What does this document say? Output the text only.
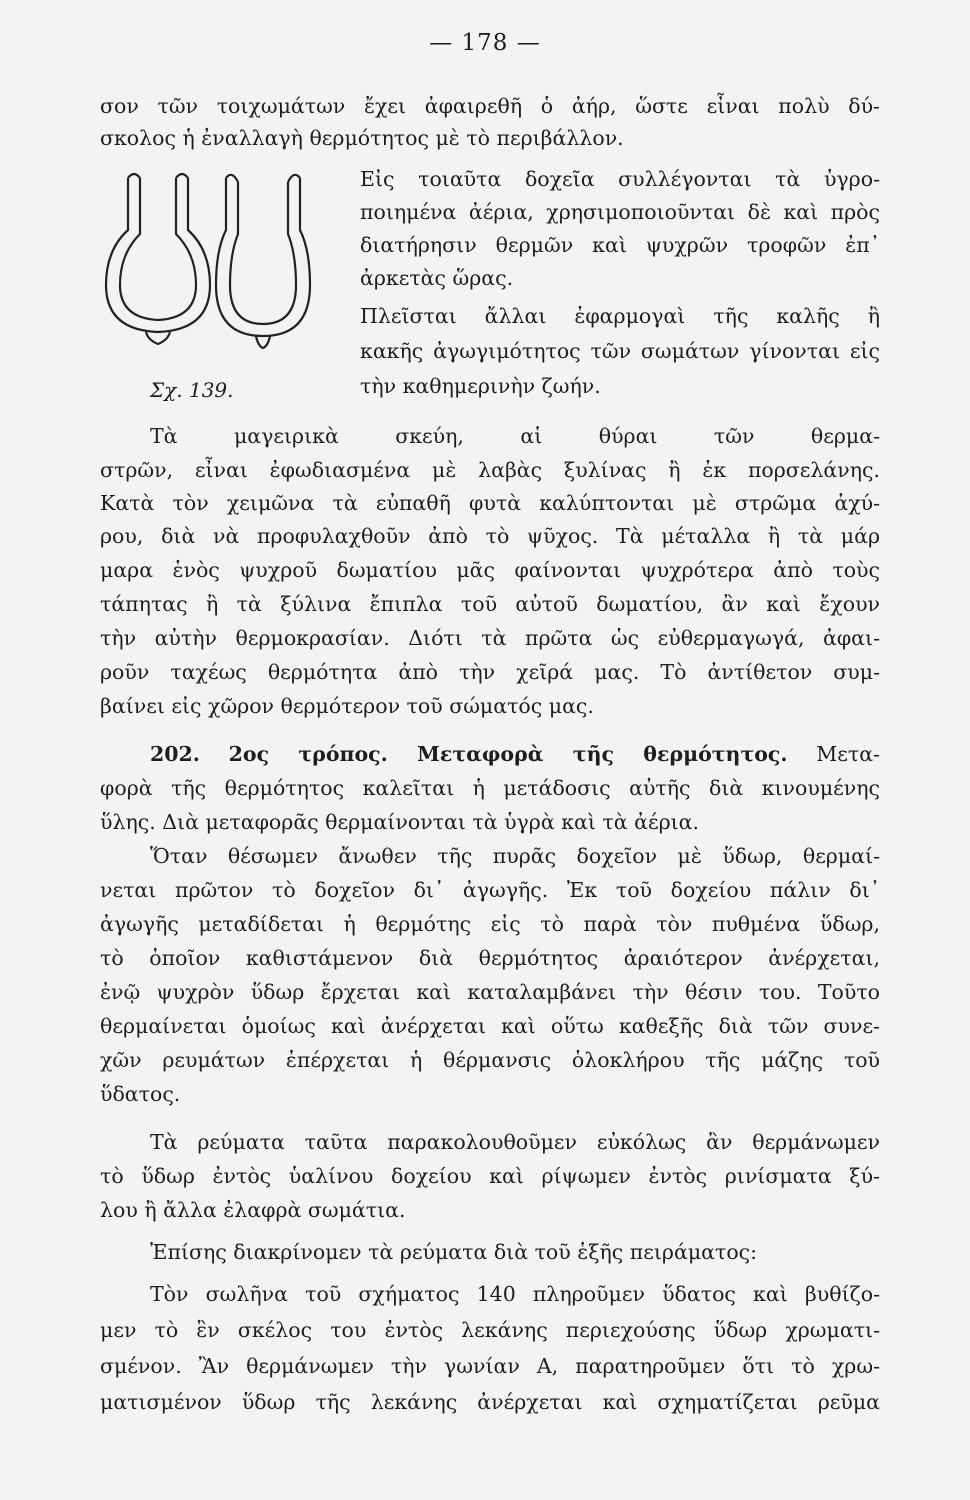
— 178 —
Σχ. 139.
σον τῶν τοιχωμάτων ἔχει ἀφαιρεθῆ ὁ ἀήρ, ὥστε εἶναι πολὺ δύ-
σκολος ἡ ἐναλλαγὴ θερμότητος μὲ τὸ περιβάλλον.
Εἰς τοιαῦτα δοχεῖα συλλέγονται τὰ ὑγρο-
ποιημένα ἀέρια, χρησιμοποιοῦνται δὲ καὶ πρὸς
διατήρησιν θερμῶν καὶ ψυχρῶν τροφῶν ἐπ᾽
ἀρκετὰς ὥρας.
Πλεῖσται ἄλλαι ἐφαρμογαὶ τῆς καλῆς ἢ
κακῆς ἀγωγιμότητος τῶν σωμάτων γίνονται εἰς
τὴν καθημερινὴν ζωήν.
Τὰ μαγειρικὰ σκεύη, αἱ θύραι τῶν θερμα-
στρῶν, εἶναι ἐφωδιασμένα μὲ λαβὰς ξυλίνας ἢ ἐκ πορσελάνης.
Κατὰ τὸν χειμῶνα τὰ εὐπαθῆ φυτὰ καλύπτονται μὲ στρῶμα ἀχύ-
ρου, διὰ νὰ προφυλαχθοῦν ἀπὸ τὸ ψῦχος. Τὰ μέταλλα ἢ τὰ μάρ
μαρα ἑνὸς ψυχροῦ δωματίου μᾶς φαίνονται ψυχρότερα ἀπὸ τοὺς
τάπητας ἢ τὰ ξύλινα ἔπιπλα τοῦ αὐτοῦ δωματίου, ἂν καὶ ἔχουν
τὴν αὐτὴν θερμοκρασίαν. Διότι τὰ πρῶτα ὡς εὐθερμαγωγά, ἀφαι-
ροῦν ταχέως θερμότητα ἀπὸ τὴν χεῖρά μας. Τὸ ἀντίθετον συμ-
βαίνει εἰς χῶρον θερμότερον τοῦ σώματός μας.
202. 2ος τρόπος. Μεταφορὰ τῆς θερμότητος. Μετα-
φορὰ τῆς θερμότητος καλεῖται ἡ μετάδοσις αὐτῆς διὰ κινουμένης
ὕλης. Διὰ μεταφορᾶς θερμαίνονται τὰ ὑγρὰ καὶ τὰ ἀέρια.
Ὅταν θέσωμεν ἄνωθεν τῆς πυρᾶς δοχεῖον μὲ ὕδωρ, θερμαί-
νεται πρῶτον τὸ δοχεῖον δι᾽ ἀγωγῆς. Ἐκ τοῦ δοχείου πάλιν δι᾽
ἀγωγῆς μεταδίδεται ἡ θερμότης εἰς τὸ παρὰ τὸν πυθμένα ὕδωρ,
τὸ ὁποῖον καθιστάμενον διὰ θερμότητος ἀραιότερον ἀνέρχεται,
ἐνῷ ψυχρὸν ὕδωρ ἔρχεται καὶ καταλαμβάνει τὴν θέσιν του. Τοῦτο
θερμαίνεται ὁμοίως καὶ ἀνέρχεται καὶ οὕτω καθεξῆς διὰ τῶν συνε-
χῶν ρευμάτων ἐπέρχεται ἡ θέρμανσις ὁλοκλήρου τῆς μάζης τοῦ
ὕδατος.
Τὰ ρεύματα ταῦτα παρακολουθοῦμεν εὐκόλως ἂν θερμάνωμεν
τὸ ὕδωρ ἐντὸς ὑαλίνου δοχείου καὶ ρίψωμεν ἐντὸς ρινίσματα ξύ-
λου ἢ ἄλλα ἐλαφρὰ σωμάτια.
Ἐπίσης διακρίνομεν τὰ ρεύματα διὰ τοῦ ἑξῆς πειράματος:
Τὸν σωλῆνα τοῦ σχήματος 140 πληροῦμεν ὕδατος καὶ βυθίζο-
μεν τὸ ἓν σκέλος του ἐντὸς λεκάνης περιεχούσης ὕδωρ χρωματι-
σμένον. Ἂν θερμάνωμεν τὴν γωνίαν Α, παρατηροῦμεν ὅτι τὸ χρω-
ματισμένον ὕδωρ τῆς λεκάνης ἀνέρχεται καὶ σχηματίζεται ρεῦμα
